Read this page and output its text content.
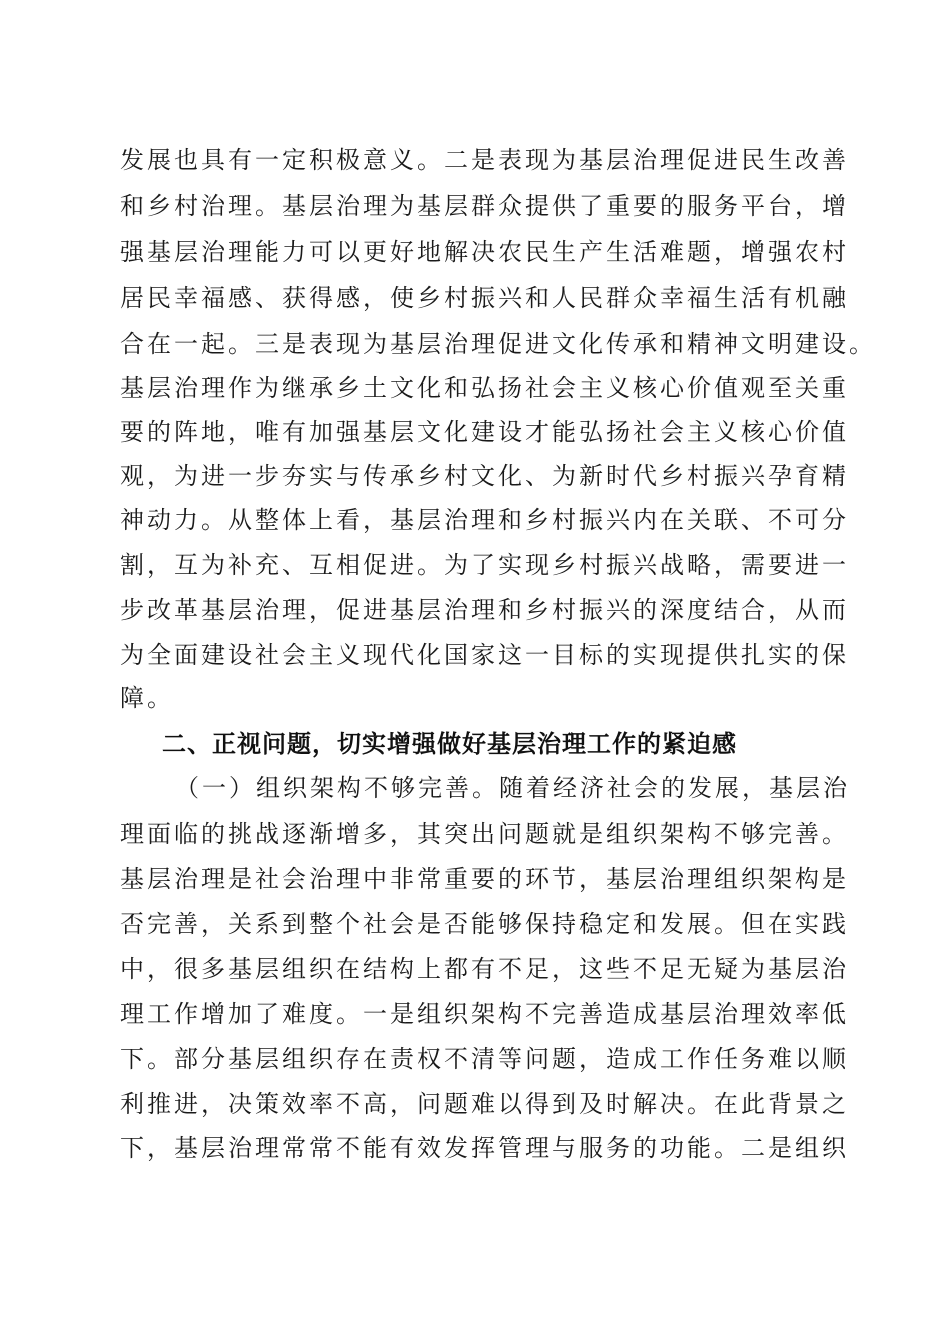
发展也具有一定积极意义。二是表现为基层治理促进民生改善
和乡村治理。基层治理为基层群众提供了重要的服务平台，增
强基层治理能力可以更好地解决农民生产生活难题，增强农村
居民幸福感、获得感，使乡村振兴和人民群众幸福生活有机融
合在一起。三是表现为基层治理促进文化传承和精神文明建设。
基层治理作为继承乡土文化和弘扬社会主义核心价值观至关重
要的阵地，唯有加强基层文化建设才能弘扬社会主义核心价值
观，为进一步夯实与传承乡村文化、为新时代乡村振兴孕育精
神动力。从整体上看，基层治理和乡村振兴内在关联、不可分
割，互为补充、互相促进。为了实现乡村振兴战略，需要进一
步改革基层治理，促进基层治理和乡村振兴的深度结合，从而
为全面建设社会主义现代化国家这一目标的实现提供扎实的保
障。
二、正视问题，切实增强做好基层治理工作的紧迫感
（一）组织架构不够完善。随着经济社会的发展，基层治
理面临的挑战逐渐增多，其突出问题就是组织架构不够完善。
基层治理是社会治理中非常重要的环节，基层治理组织架构是
否完善，关系到整个社会是否能够保持稳定和发展。但在实践
中，很多基层组织在结构上都有不足，这些不足无疑为基层治
理工作增加了难度。一是组织架构不完善造成基层治理效率低
下。部分基层组织存在责权不清等问题，造成工作任务难以顺
利推进，决策效率不高，问题难以得到及时解决。在此背景之
下，基层治理常常不能有效发挥管理与服务的功能。二是组织
